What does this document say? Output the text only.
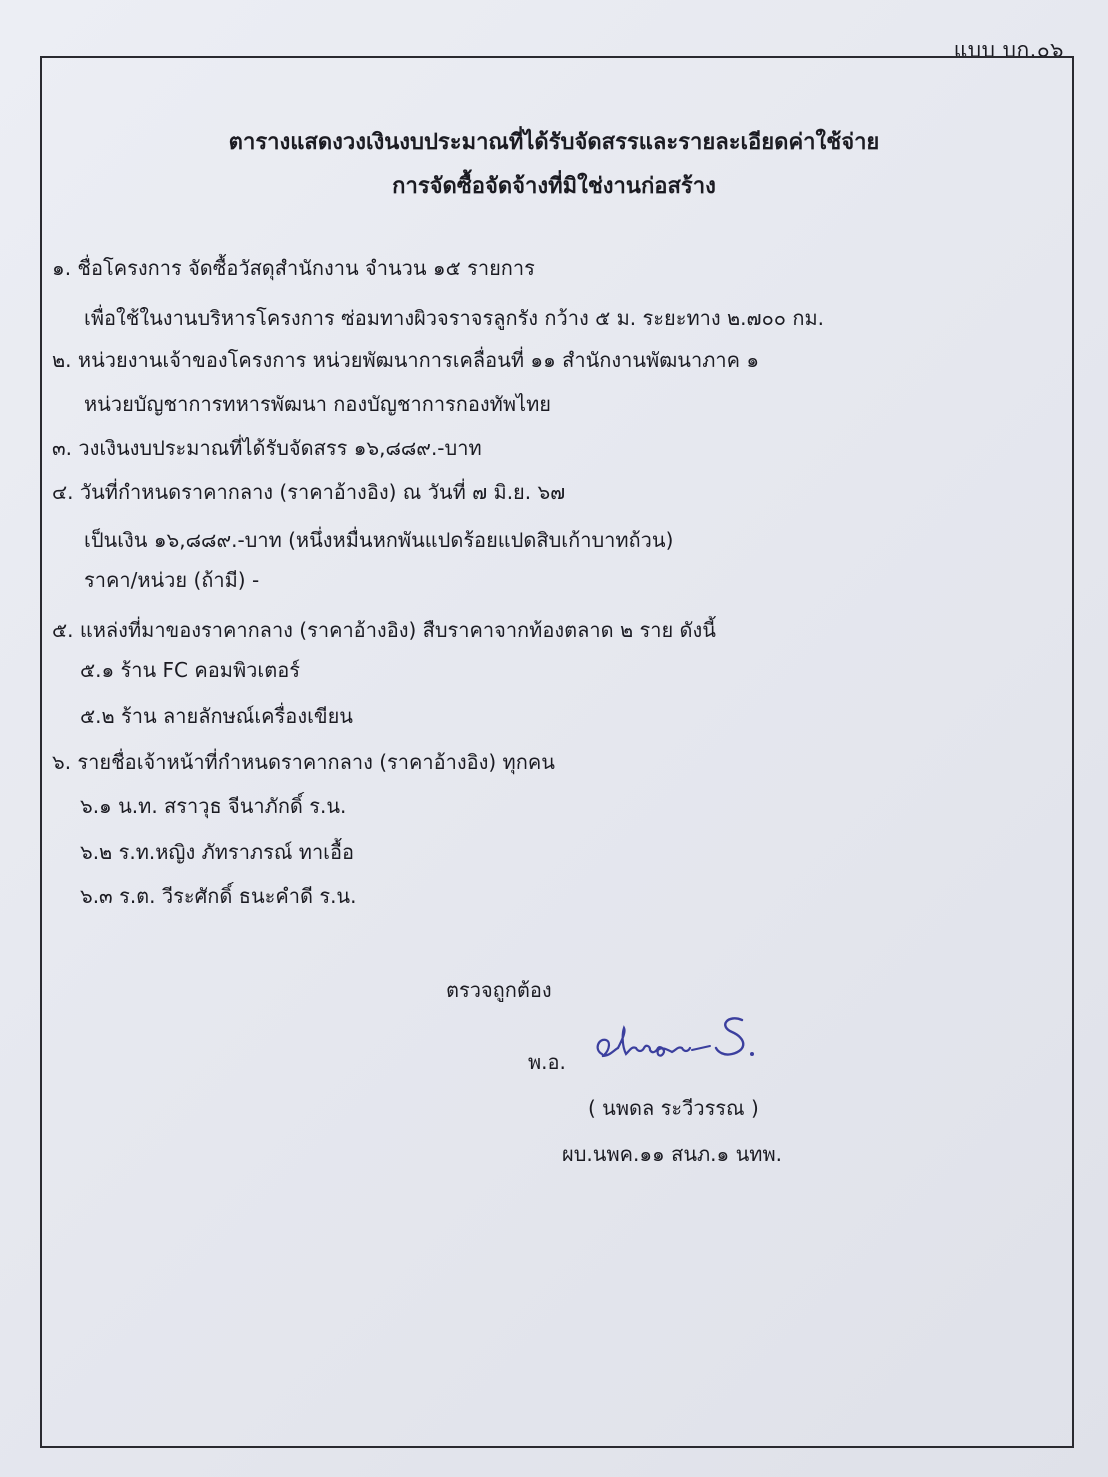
แบบ บก.๐๖
ตารางแสดงวงเงินงบประมาณที่ได้รับจัดสรรและรายละเอียดค่าใช้จ่าย
การจัดซื้อจัดจ้างที่มิใช่งานก่อสร้าง
๑. ชื่อโครงการ จัดซื้อวัสดุสำนักงาน จำนวน ๑๕ รายการ
เพื่อใช้ในงานบริหารโครงการ ซ่อมทางผิวจราจรลูกรัง กว้าง ๕ ม. ระยะทาง ๒.๗๐๐ กม.
๒. หน่วยงานเจ้าของโครงการ หน่วยพัฒนาการเคลื่อนที่ ๑๑ สำนักงานพัฒนาภาค ๑
หน่วยบัญชาการทหารพัฒนา กองบัญชาการกองทัพไทย
๓. วงเงินงบประมาณที่ได้รับจัดสรร ๑๖,๘๘๙.-บาท
๔. วันที่กำหนดราคากลาง (ราคาอ้างอิง) ณ วันที่ ๗ มิ.ย. ๖๗
เป็นเงิน ๑๖,๘๘๙.-บาท (หนึ่งหมื่นหกพันแปดร้อยแปดสิบเก้าบาทถ้วน)
ราคา/หน่วย (ถ้ามี) -
๕. แหล่งที่มาของราคากลาง (ราคาอ้างอิง) สืบราคาจากท้องตลาด ๒ ราย ดังนี้
๕.๑ ร้าน FC คอมพิวเตอร์
๕.๒ ร้าน ลายลักษณ์เครื่องเขียน
๖. รายชื่อเจ้าหน้าที่กำหนดราคากลาง (ราคาอ้างอิง) ทุกคน
๖.๑ น.ท. สราวุธ จีนาภักดิ์ ร.น.
๖.๒ ร.ท.หญิง ภัทราภรณ์ ทาเอื้อ
๖.๓ ร.ต. วีระศักดิ์ ธนะคำดี ร.น.
ตรวจถูกต้อง
พ.อ.
( นพดล ระวีวรรณ )
ผบ.นพค.๑๑ สนภ.๑ นทพ.
